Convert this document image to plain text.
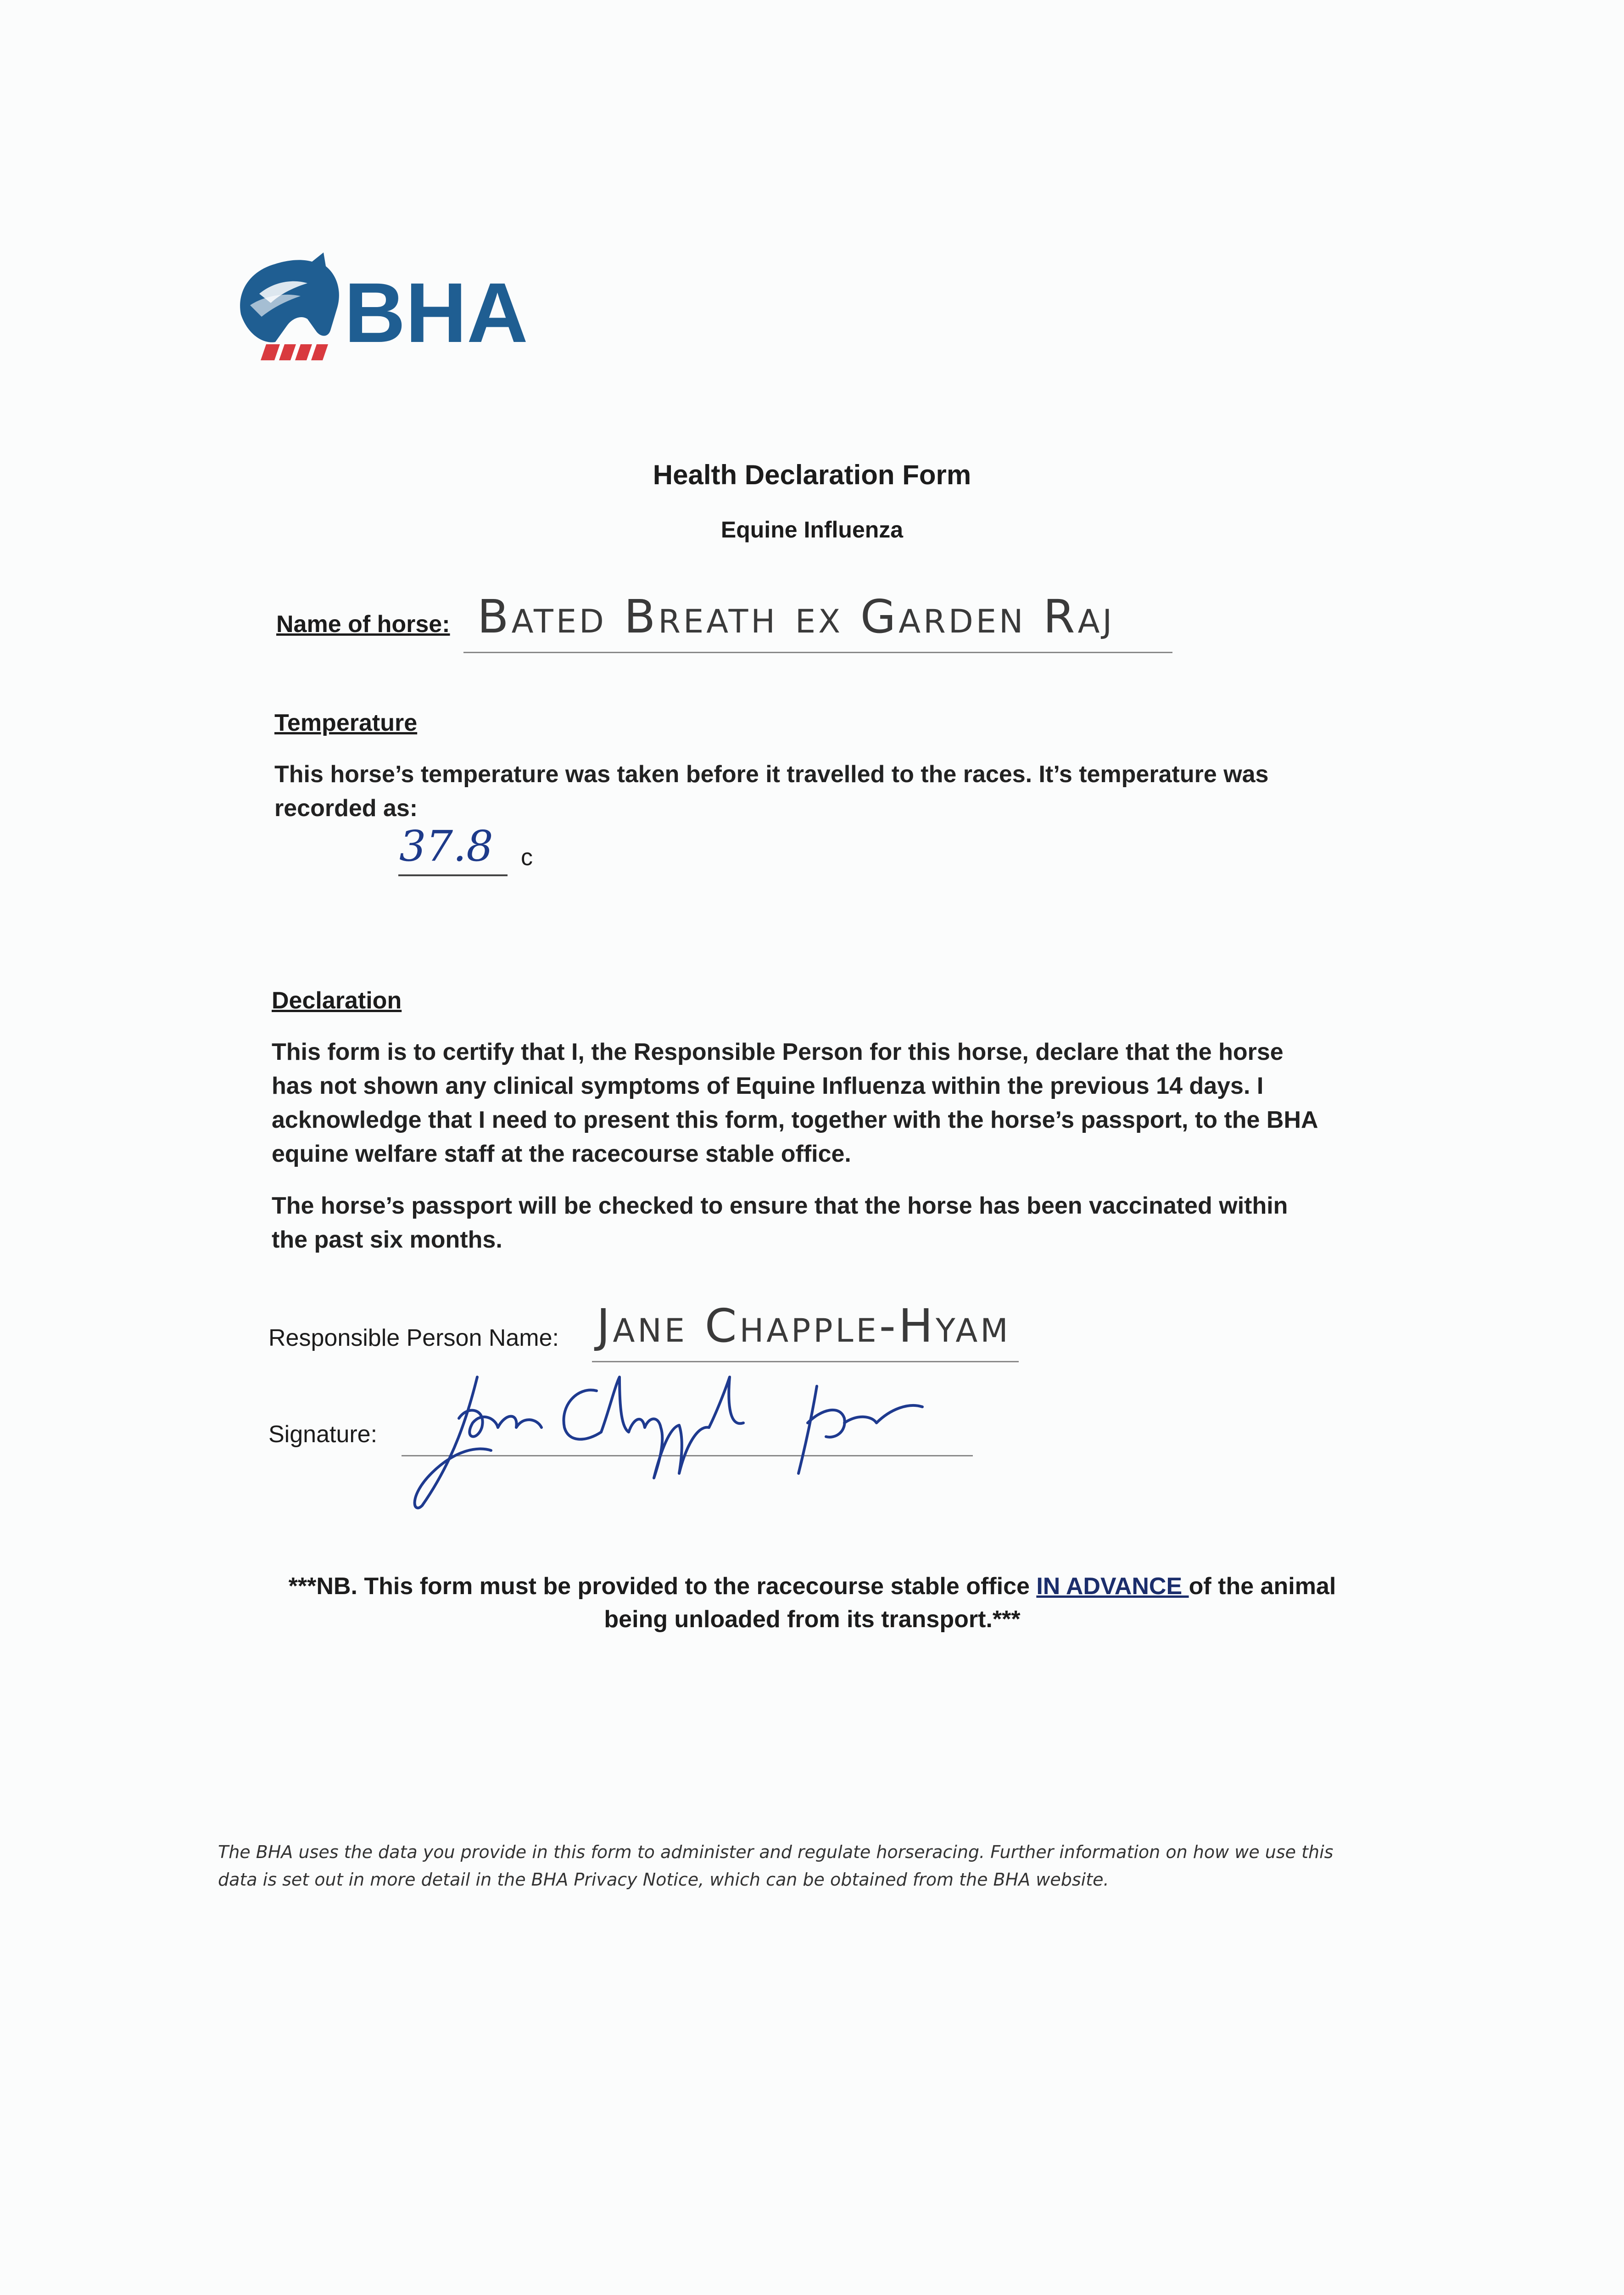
BHA
Health Declaration Form
Equine Influenza
Name of horse: Bated Breath ex Garden Raj
Temperature
This horse’s temperature was taken before it travelled to the races. It’s temperature was recorded as:
37.8 c
Declaration
This form is to certify that I, the Responsible Person for this horse, declare that the horse has not shown any clinical symptoms of Equine Influenza within the previous 14 days. I acknowledge that I need to present this form, together with the horse’s passport, to the BHA equine welfare staff at the racecourse stable office.
The horse’s passport will be checked to ensure that the horse has been vaccinated within the past six months.
Responsible Person Name: Jane Chapple-Hyam
Signature:
***NB. This form must be provided to the racecourse stable office IN ADVANCE of the animal being unloaded from its transport.***
The BHA uses the data you provide in this form to administer and regulate horseracing. Further information on how we use this data is set out in more detail in the BHA Privacy Notice, which can be obtained from the BHA website.
